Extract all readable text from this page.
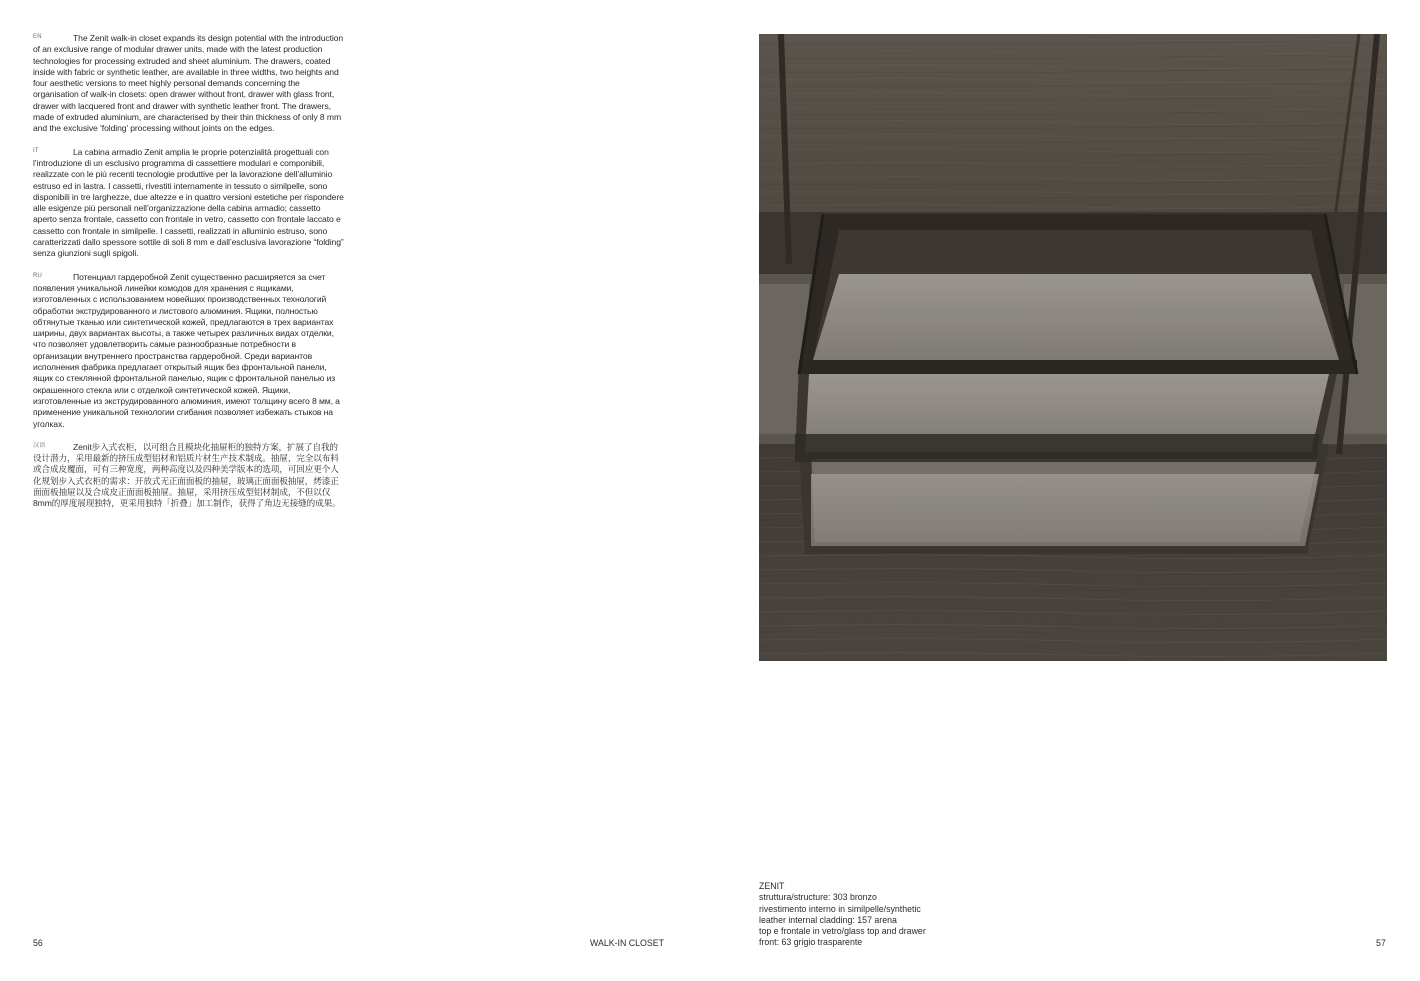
EN	The Zenit walk-in closet expands its design potential with the introduction of an exclusive range of modular drawer units, made with the latest production technologies for processing extruded and sheet aluminium. The drawers, coated inside with fabric or synthetic leather, are available in three widths, two heights and four aesthetic versions to meet highly personal demands concerning the organisation of walk-in closets: open drawer without front, drawer with glass front, drawer with lacquered front and drawer with synthetic leather front. The drawers, made of extruded aluminium, are characterised by their thin thickness of only 8 mm and the exclusive ‘folding’ processing without joints on the edges.

IT	La cabina armadio Zenit amplia le proprie potenzialità progettuali con l’introduzione di un esclusivo programma di cassettiere modulari e componibili, realizzate con le più recenti tecnologie produttive per la lavorazione dell’alluminio estruso ed in lastra. I cassetti, rivestiti internamente in tessuto o similpelle, sono disponibili in tre larghezze, due altezze e in quattro versioni estetiche per rispondere alle esigenze più personali nell’organizzazione della cabina armadio; cassetto aperto senza frontale, cassetto con frontale in vetro, cassetto con frontale laccato e cassetto con frontale in similpelle. I cassetti, realizzati in alluminio estruso, sono caratterizzati dallo spessore sottile di soli 8 mm e dall’esclusiva lavorazione “folding” senza giunzioni sugli spigoli.

RU	Потенциал гардеробной Zenit существенно расширяется за счет появления уникальной линейки комодов для хранения с ящиками, изготовленных с использованием новейших производственных технологий обработки экструдированного и листового алюминия. Ящики, полностью обтянутые тканью или синтетической кожей, предлагаются в трех вариантах ширины, двух вариантах высоты, а также четырех различных видах отделки, что позволяет удовлетворить самые разнообразные потребности в организации внутреннего пространства гардеробной. Среди вариантов исполнения фабрика предлагает открытый ящик без фронтальной панели, ящик со стеклянной фронтальной панелью, ящик с фронтальной панелью из окрашенного стекла или с отделкой синтетической кожей. Ящики, изготовленные из экструдированного алюминия, имеют толщину всего 8 мм, а применение уникальной технологии сгибания позволяет избежать стыков на уголках.

汉语	Zenit步入式衣柜，以可组合且模块化抽屉柜的独特方案，扩展了自我的设计潜力，采用最新的挤压成型铝材和铝质片材生产技术制成。抽屉，完全以布料或合成皮覆面，可有三种宽度，两种高度以及四种美学版本的选项，可回应更个人化规划步入式衣柜的需求：开放式无正面面板的抽屉，玻璃正面面板抽屉，烤漆正面面板抽屉以及合成皮正面面板抽屉。抽屉，采用挤压成型铝材制成，不但以仅8mm的厚度展现独特，更采用独特「折叠」加工制作，获得了角边无接缝的成果。

ZENIT
struttura/structure: 303 bronzo
rivestimento interno in similpelle/synthetic
leather internal cladding: 157 arena
top e frontale in vetro/glass top and drawer
front: 63 grigio trasparente
56	WALK-IN CLOSET	57
